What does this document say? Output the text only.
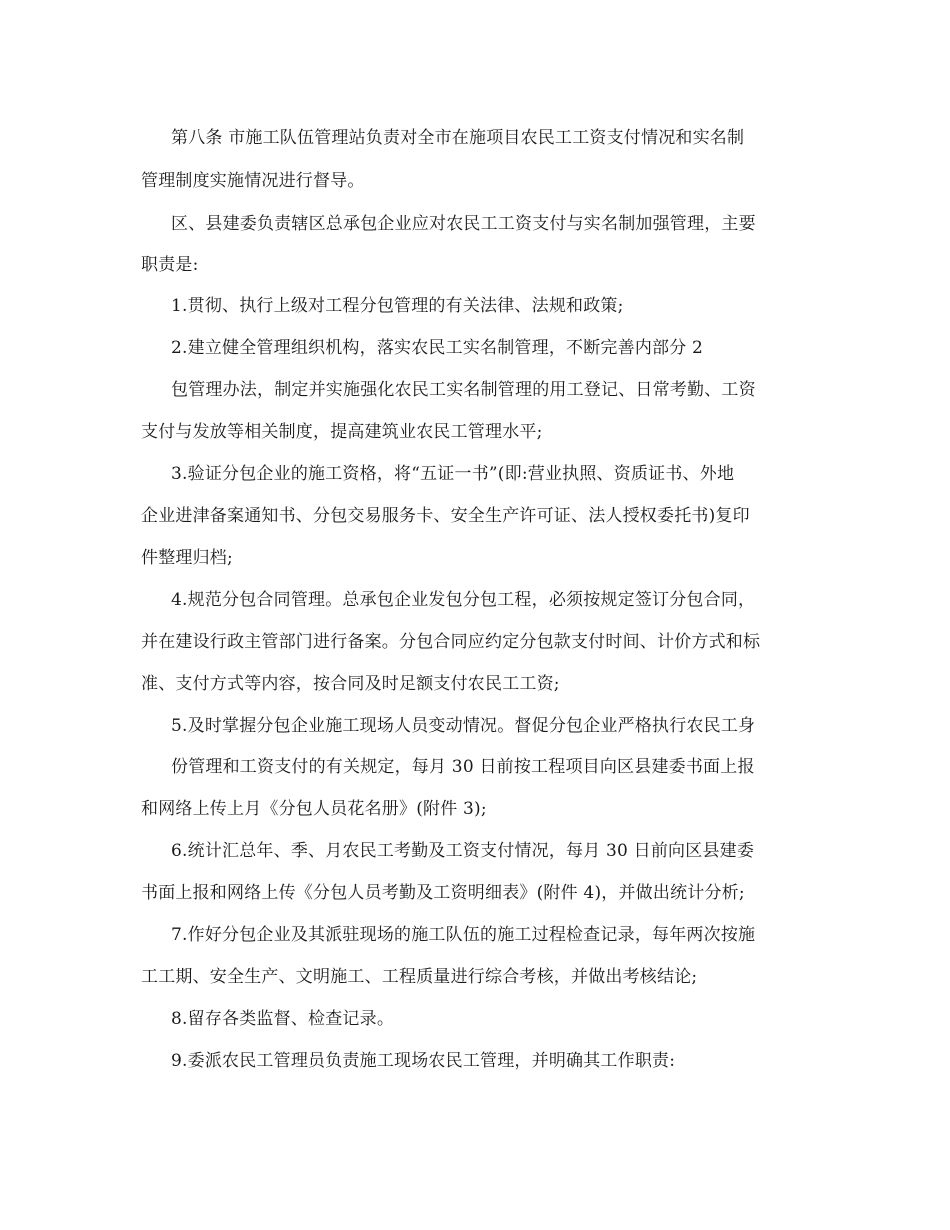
第八条 市施工队伍管理站负责对全市在施项目农民工工资支付情况和实名制
管理制度实施情况进行督导。
区、县建委负责辖区总承包企业应对农民工工资支付与实名制加强管理，主要
职责是:
1.贯彻、执行上级对工程分包管理的有关法律、法规和政策;
2.建立健全管理组织机构，落实农民工实名制管理，不断完善内部分 2
包管理办法，制定并实施强化农民工实名制管理的用工登记、日常考勤、工资
支付与发放等相关制度，提高建筑业农民工管理水平;
3.验证分包企业的施工资格，将“五证一书”(即:营业执照、资质证书、外地
企业进津备案通知书、分包交易服务卡、安全生产许可证、法人授权委托书)复印
件整理归档;
4.规范分包合同管理。总承包企业发包分包工程，必须按规定签订分包合同，
并在建设行政主管部门进行备案。分包合同应约定分包款支付时间、计价方式和标
准、支付方式等内容，按合同及时足额支付农民工工资;
5.及时掌握分包企业施工现场人员变动情况。督促分包企业严格执行农民工身
份管理和工资支付的有关规定，每月 30 日前按工程项目向区县建委书面上报
和网络上传上月《分包人员花名册》(附件 3);
6.统计汇总年、季、月农民工考勤及工资支付情况，每月 30 日前向区县建委
书面上报和网络上传《分包人员考勤及工资明细表》(附件 4)，并做出统计分析;
7.作好分包企业及其派驻现场的施工队伍的施工过程检查记录，每年两次按施
工工期、安全生产、文明施工、工程质量进行综合考核，并做出考核结论;
8.留存各类监督、检查记录。
9.委派农民工管理员负责施工现场农民工管理，并明确其工作职责:
